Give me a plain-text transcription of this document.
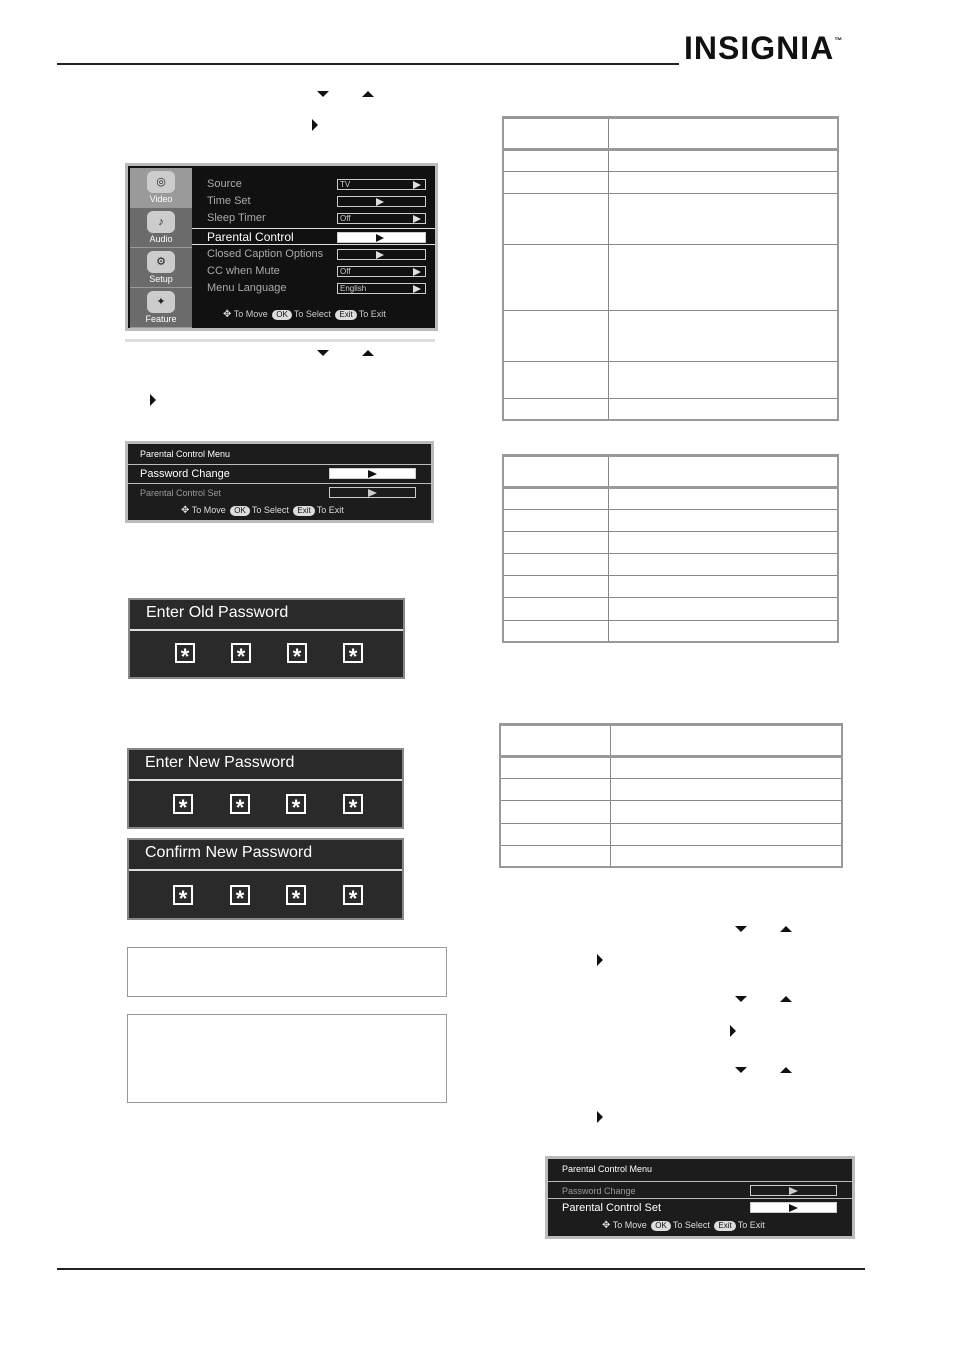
INSIGNIA™
◎
Video
♪
Audio
⚙
Setup
✦
Feature
Source	TV
Time Set
Sleep Timer	Off
Parental Control
Closed Caption Options
CC when Mute	Off
Menu Language	English
✥ To Move OK To Select Exit To Exit
Parental Control Menu
Password Change
Parental Control Set
✥ To Move OK To Select Exit To Exit
Enter Old Password
* * * *
Enter New Password
* * * *
Confirm New Password
* * * *
Parental Control Menu
Password Change
Parental Control Set
✥ To Move OK To Select Exit To Exit
